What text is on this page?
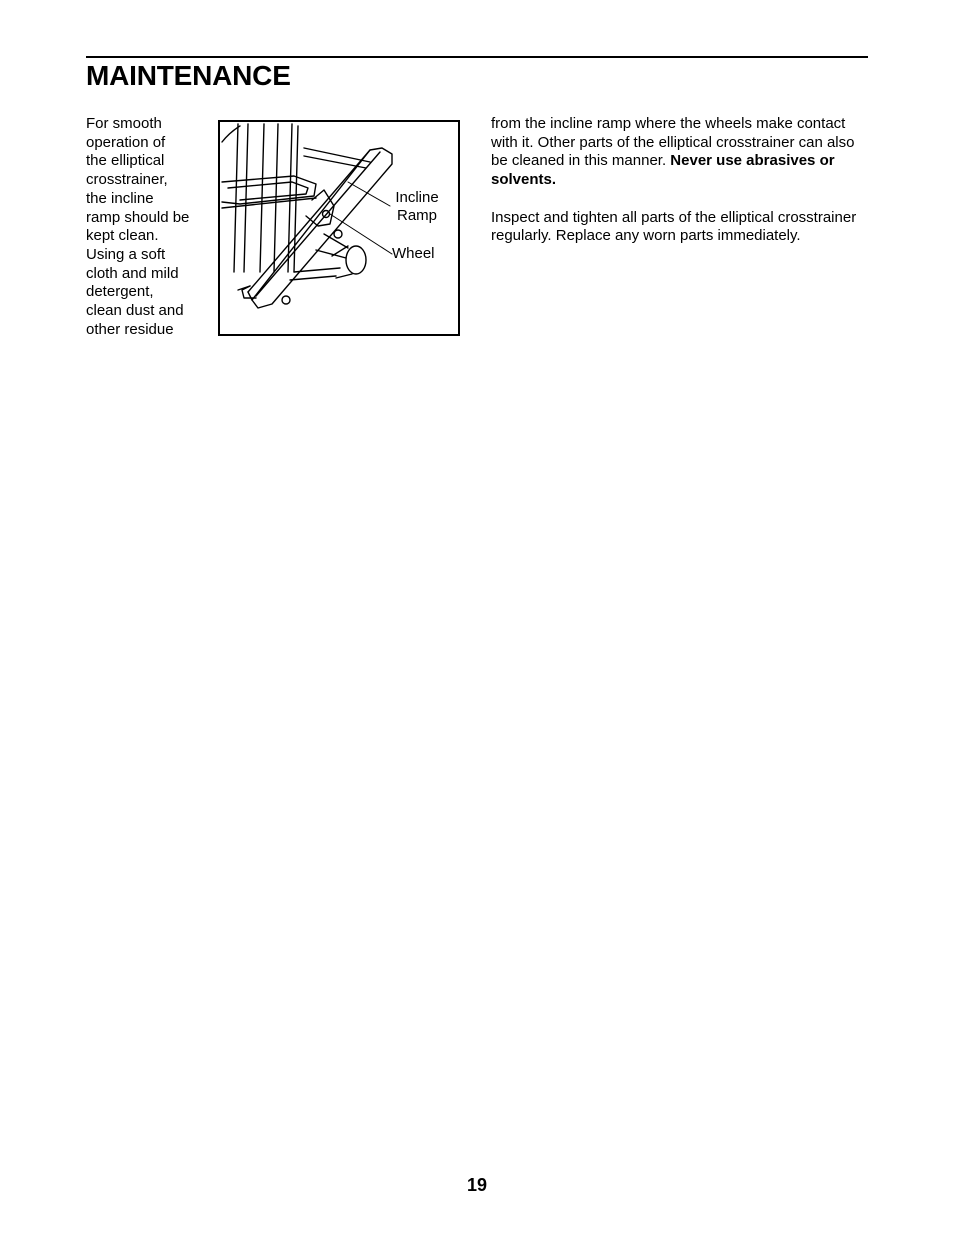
MAINTENANCE
For smooth
operation of
the elliptical
crosstrainer,
the incline
ramp should be
kept clean.
Using a soft
cloth and mild
detergent,
clean dust and
other residue
Incline
Ramp
Wheel

from the incline ramp where the wheels make contact with it. Other parts of the elliptical crosstrainer can also be cleaned in this manner. Never use abrasives or solvents.

Inspect and tighten all parts of the elliptical crosstrainer regularly. Replace any worn parts immediately.

19
